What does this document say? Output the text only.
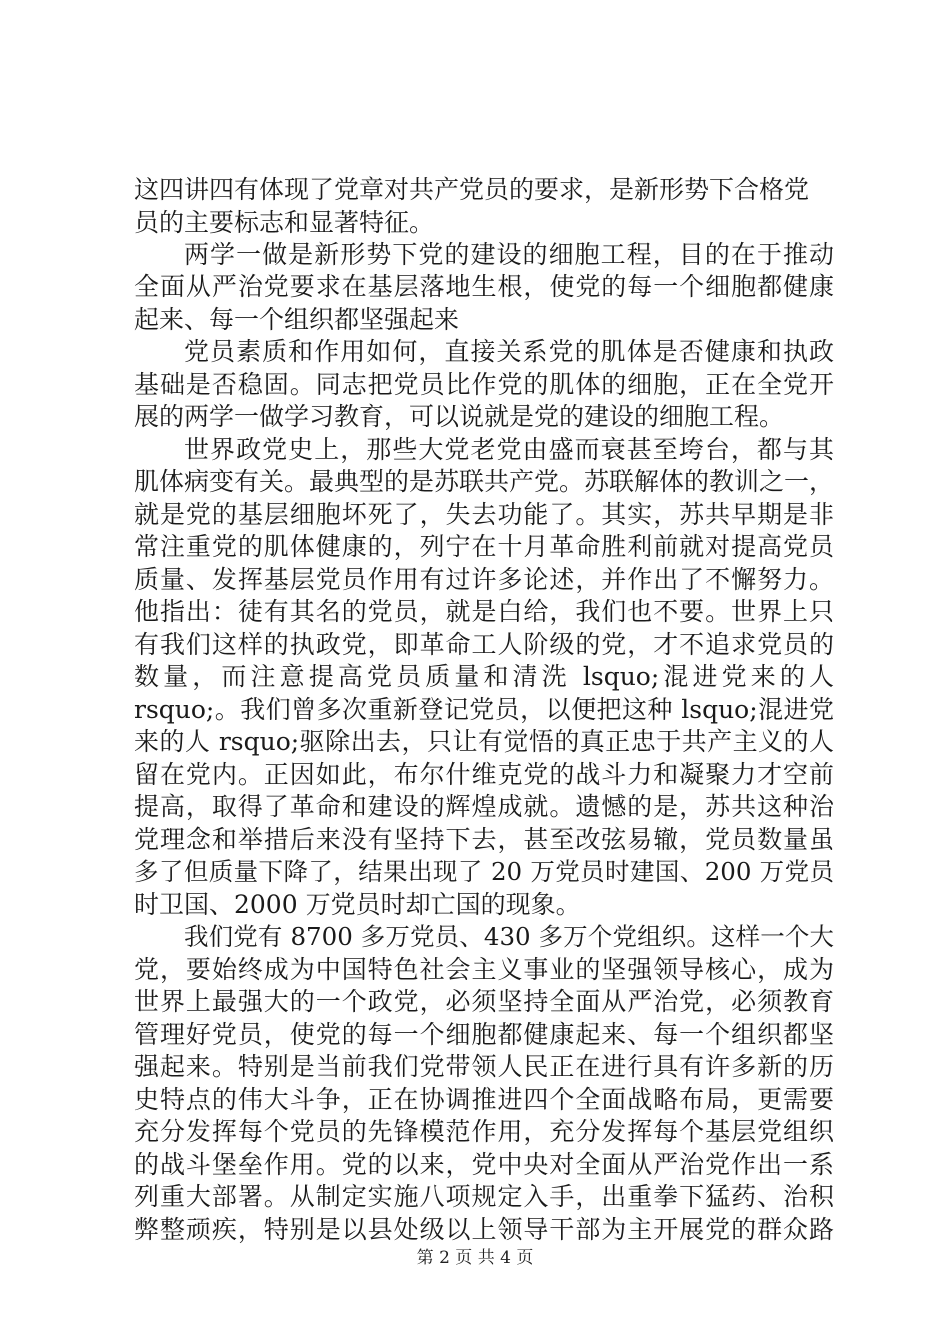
这四讲四有体现了党章对共产党员的要求，是新形势下合格党
员的主要标志和显著特征。
两学一做是新形势下党的建设的细胞工程，目的在于推动
全面从严治党要求在基层落地生根，使党的每一个细胞都健康
起来、每一个组织都坚强起来
党员素质和作用如何，直接关系党的肌体是否健康和执政
基础是否稳固。同志把党员比作党的肌体的细胞，正在全党开
展的两学一做学习教育，可以说就是党的建设的细胞工程。
世界政党史上，那些大党老党由盛而衰甚至垮台，都与其
肌体病变有关。最典型的是苏联共产党。苏联解体的教训之一，
就是党的基层细胞坏死了，失去功能了。其实，苏共早期是非
常注重党的肌体健康的，列宁在十月革命胜利前就对提高党员
质量、发挥基层党员作用有过许多论述，并作出了不懈努力。
他指出：徒有其名的党员，就是白给，我们也不要。世界上只
有我们这样的执政党，即革命工人阶级的党，才不追求党员的
数量，而注意提高党员质量和清洗 lsquo;混进党来的人
rsquo;。我们曾多次重新登记党员，以便把这种 lsquo;混进党
来的人 rsquo;驱除出去，只让有觉悟的真正忠于共产主义的人
留在党内。正因如此，布尔什维克党的战斗力和凝聚力才空前
提高，取得了革命和建设的辉煌成就。遗憾的是，苏共这种治
党理念和举措后来没有坚持下去，甚至改弦易辙，党员数量虽
多了但质量下降了，结果出现了 20 万党员时建国、200 万党员
时卫国、2000 万党员时却亡国的现象。
我们党有 8700 多万党员、430 多万个党组织。这样一个大
党，要始终成为中国特色社会主义事业的坚强领导核心，成为
世界上最强大的一个政党，必须坚持全面从严治党，必须教育
管理好党员，使党的每一个细胞都健康起来、每一个组织都坚
强起来。特别是当前我们党带领人民正在进行具有许多新的历
史特点的伟大斗争，正在协调推进四个全面战略布局，更需要
充分发挥每个党员的先锋模范作用，充分发挥每个基层党组织
的战斗堡垒作用。党的以来，党中央对全面从严治党作出一系
列重大部署。从制定实施八项规定入手，出重拳下猛药、治积
弊整顽疾，特别是以县处级以上领导干部为主开展党的群众路
第 2 页 共 4 页
